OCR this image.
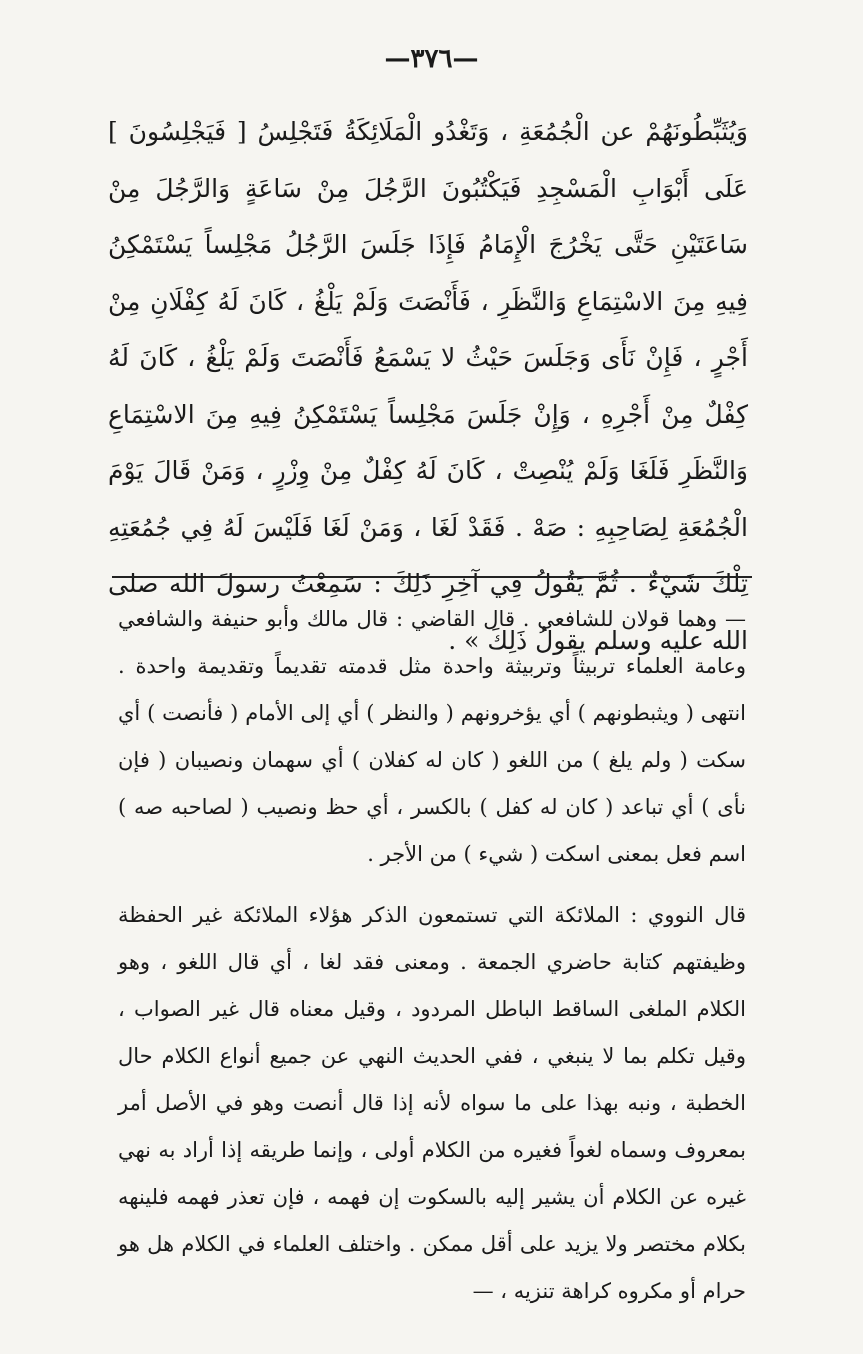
—٣٧٦—

وَيُثَبِّطُونَهُمْ عن الْجُمُعَةِ ، وَتَغْدُو الْمَلَائِكَةُ فَتَجْلِسُ [ فَيَجْلِسُونَ ] عَلَى أَبْوَابِ الْمَسْجِدِ فَيَكْتُبُونَ الرَّجُلَ مِنْ سَاعَةٍ وَالرَّجُلَ مِنْ سَاعَتَيْنِ حَتَّى يَخْرُجَ الْإِمَامُ فَإِذَا جَلَسَ الرَّجُلُ مَجْلِساً يَسْتَمْكِنُ فِيهِ مِنَ الاسْتِمَاعِ وَالنَّظَرِ ، فَأَنْصَتَ وَلَمْ يَلْغُ ، كَانَ لَهُ كِفْلَانِ مِنْ أَجْرٍ ، فَإِنْ نَأَى وَجَلَسَ حَيْثُ لا يَسْمَعُ فَأَنْصَتَ وَلَمْ يَلْغُ ، كَانَ لَهُ كِفْلٌ مِنْ أَجْرِهِ ، وَإِنْ جَلَسَ مَجْلِساً يَسْتَمْكِنُ فِيهِ مِنَ الاسْتِمَاعِ وَالنَّظَرِ فَلَغَا وَلَمْ يُنْصِتْ ، كَانَ لَهُ كِفْلٌ مِنْ وِزْرٍ ، وَمَنْ قَالَ يَوْمَ الْجُمُعَةِ لِصَاحِبِهِ : صَهْ . فَقَدْ لَغَا ، وَمَنْ لَغَا فَلَيْسَ لَهُ فِي جُمُعَتِهِ تِلْكَ شَيْءٌ . ثُمَّ يَقُولُ فِي آخِرِ ذَلِكَ : سَمِعْتُ رسولَ الله صلى الله عليه وسلم يقولُ ذَلِكَ » .

— وهما قولان للشافعي . قال القاضي : قال مالك وأبو حنيفة والشافعي وعامة العلماء تربيثاً وتربيثة واحدة مثل قدمته تقديماً وتقديمة واحدة . انتهى ( ويثبطونهم ) أي يؤخرونهم ( والنظر ) أي إلى الأمام ( فأنصت ) أي سكت ( ولم يلغ ) من اللغو ( كان له كفلان ) أي سهمان ونصيبان ( فإن نأى ) أي تباعد ( كان له كفل ) بالكسر ، أي حظ ونصيب ( لصاحبه صه ) اسم فعل بمعنى اسكت ( شيء ) من الأجر .

قال النووي : الملائكة التي تستمعون الذكر هؤلاء الملائكة غير الحفظة وظيفتهم كتابة حاضري الجمعة . ومعنى فقد لغا ، أي قال اللغو ، وهو الكلام الملغى الساقط الباطل المردود ، وقيل معناه قال غير الصواب ، وقيل تكلم بما لا ينبغي ، ففي الحديث النهي عن جميع أنواع الكلام حال الخطبة ، ونبه بهذا على ما سواه لأنه إذا قال أنصت وهو في الأصل أمر بمعروف وسماه لغواً فغيره من الكلام أولى ، وإنما طريقه إذا أراد به نهي غيره عن الكلام أن يشير إليه بالسكوت إن فهمه ، فإن تعذر فهمه فلينهه بكلام مختصر ولا يزيد على أقل ممكن . واختلف العلماء في الكلام هل هو حرام أو مكروه كراهة تنزيه ، —
